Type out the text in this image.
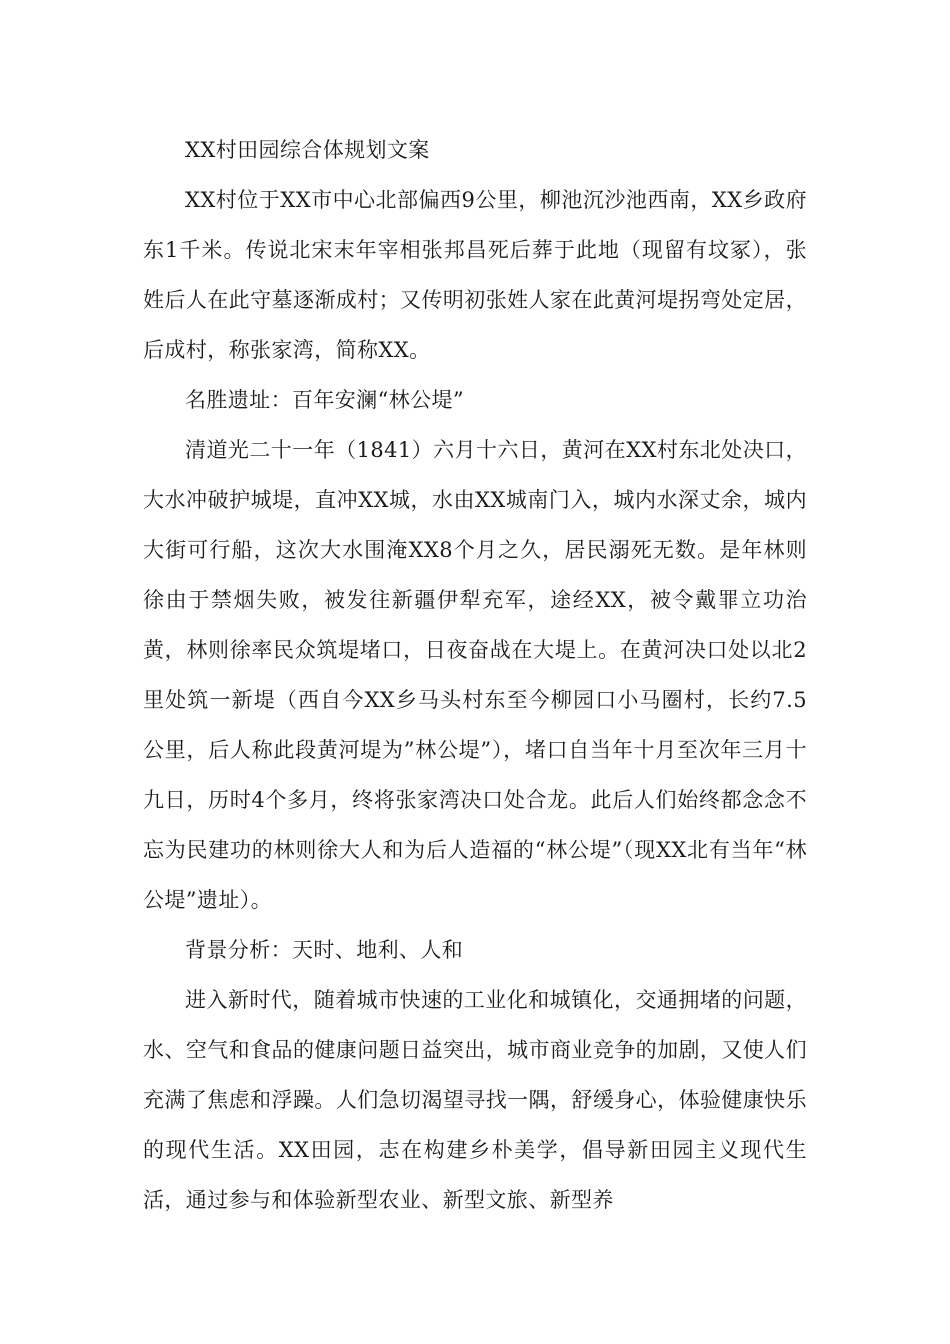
XX村田园综合体规划文案

XX村位于XX市中心北部偏西9公里，柳池沉沙池西南，XX乡政府东1千米。传说北宋末年宰相张邦昌死后葬于此地（现留有坟冢），张姓后人在此守墓逐渐成村；又传明初张姓人家在此黄河堤拐弯处定居，后成村，称张家湾，简称XX。

名胜遗址：百年安澜“林公堤”

清道光二十一年（1841）六月十六日，黄河在XX村东北处决口，大水冲破护城堤，直冲XX城，水由XX城南门入，城内水深丈余，城内大街可行船，这次大水围淹XX8个月之久，居民溺死无数。是年林则徐由于禁烟失败，被发往新疆伊犁充军，途经XX，被令戴罪立功治黄，林则徐率民众筑堤堵口，日夜奋战在大堤上。在黄河决口处以北2里处筑一新堤（西自今XX乡马头村东至今柳园口小马圈村，长约7.5公里，后人称此段黄河堤为”林公堤”），堵口自当年十月至次年三月十九日，历时4个多月，终将张家湾决口处合龙。此后人们始终都念念不忘为民建功的林则徐大人和为后人造福的“林公堤”（现XX北有当年“林公堤”遗址）。

背景分析：天时、地利、人和

进入新时代，随着城市快速的工业化和城镇化，交通拥堵的问题，水、空气和食品的健康问题日益突出，城市商业竞争的加剧，又使人们充满了焦虑和浮躁。人们急切渴望寻找一隅，舒缓身心，体验健康快乐的现代生活。XX田园，志在构建乡朴美学，倡导新田园主义现代生活，通过参与和体验新型农业、新型文旅、新型养
